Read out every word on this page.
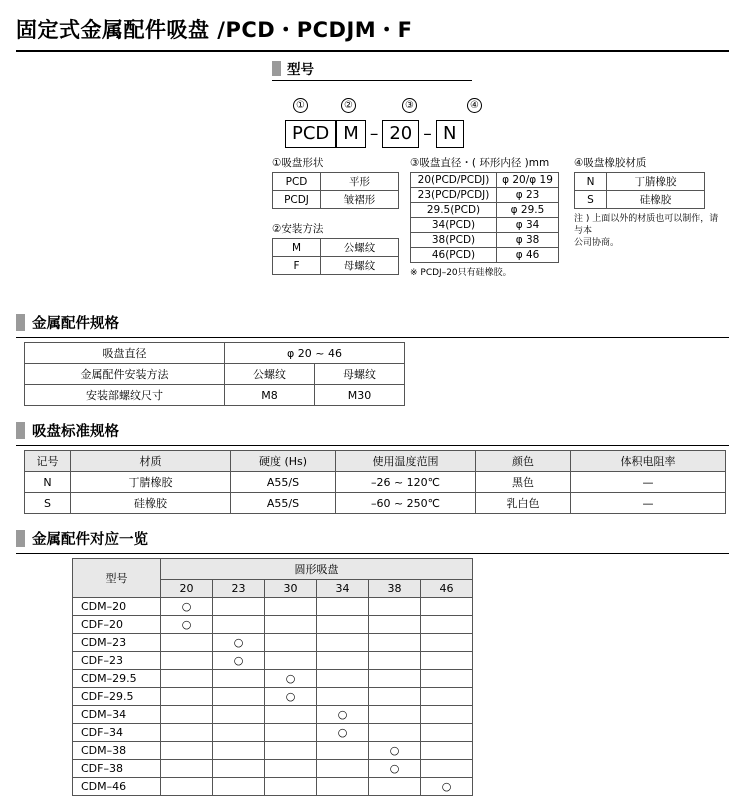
固定式金属配件吸盘 /PCD・PCDJM・F
型号
①	②	③	④
PCD M – 20 – N
①吸盘形状
PCD	平形
PCDJ	皱褶形
②安装方法
M	公螺纹
F	母螺纹
③吸盘直径・( 环形内径 )mm
20(PCD/PCDJ)	φ 20/φ 19
23(PCD/PCDJ)	φ 23
29.5(PCD)	φ 29.5
34(PCD)	φ 34
38(PCD)	φ 38
46(PCD)	φ 46
※ PCDJ–20只有硅橡胶。
④吸盘橡胶材质
N	丁腈橡胶
S	硅橡胶
注 ) 上面以外的材质也可以制作，请与本
公司协商。
金属配件规格
吸盘直径	φ 20 ~ 46	
金属配件安装方法	公螺纹	母螺纹
安装部螺纹尺寸	M8	M30
吸盘标准规格
记号	材质	硬度 (Hs)	使用温度范围	颜色	体积电阻率
N	丁腈橡胶	A55/S	–26 ~ 120℃	黑色	—
S	硅橡胶	A55/S	–60 ~ 250℃	乳白色	—
金属配件对应一览
型号	圆形吸盘					
	20	23	30	34	38	46
CDM–20	○					
CDF–20	○					
CDM–23		○				
CDF–23		○				
CDM–29.5			○			
CDF–29.5			○			
CDM–34				○		
CDF–34				○		
CDM–38					○	
CDF–38					○	
CDM–46						○
